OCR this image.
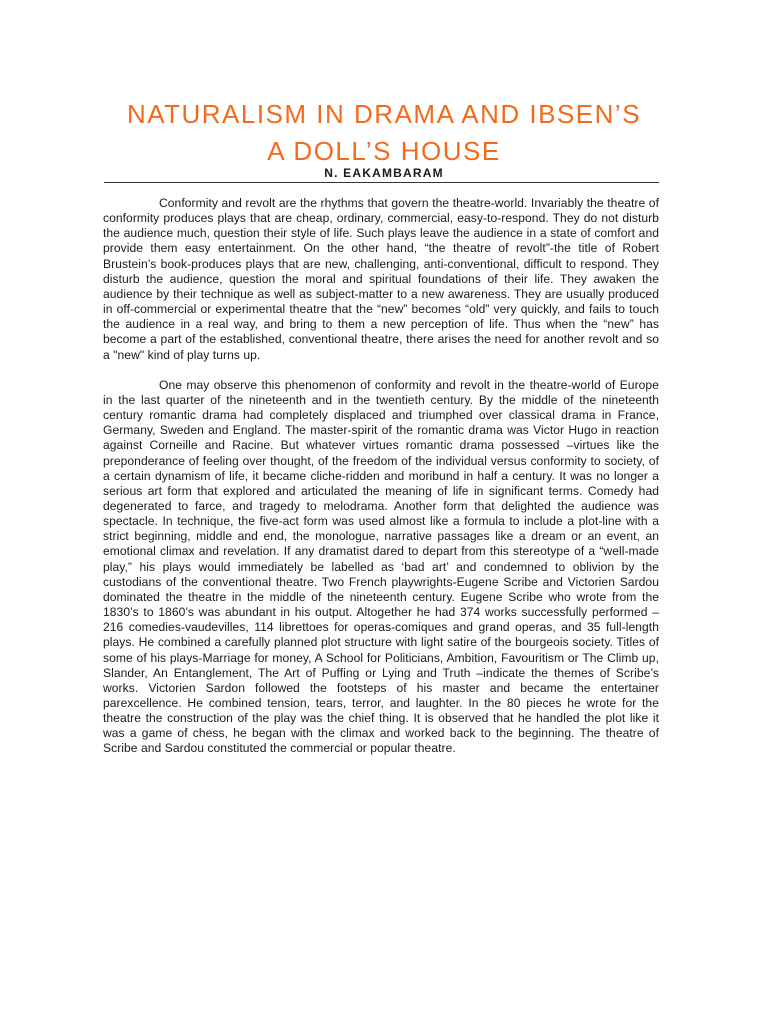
NATURALISM IN DRAMA AND IBSEN’S
A DOLL’S HOUSE
N. EAKAMBARAM

Conformity and revolt are the rhythms that govern the theatre-world. Invariably the theatre of conformity produces plays that are cheap, ordinary, commercial, easy-to-respond. They do not disturb the audience much, question their style of life. Such plays leave the audience in a state of comfort and provide them easy entertainment. On the other hand, “the theatre of revolt”-the title of Robert Brustein’s book-produces plays that are new, challenging, anti-conventional, difficult to respond. They disturb the audience, question the moral and spiritual foundations of their life. They awaken the audience by their technique as well as subject-matter to a new awareness. They are usually produced in off-commercial or experimental theatre that the “new” becomes “old” very quickly, and fails to touch the audience in a real way, and bring to them a new perception of life. Thus when the “new” has become a part of the established, conventional theatre, there arises the need for another revolt and so a "new" kind of play turns up.

One may observe this phenomenon of conformity and revolt in the theatre-world of Europe in the last quarter of the nineteenth and in the twentieth century. By the middle of the nineteenth century romantic drama had completely displaced and triumphed over classical drama in France, Germany, Sweden and England. The master-spirit of the romantic drama was Victor Hugo in reaction against Corneille and Racine. But whatever virtues romantic drama possessed –virtues like the preponderance of feeling over thought, of the freedom of the individual versus conformity to society, of a certain dynamism of life, it became cliche-ridden and moribund in half a century. It was no longer a serious art form that explored and articulated the meaning of life in significant terms. Comedy had degenerated to farce, and tragedy to melodrama. Another form that delighted the audience was spectacle. In technique, the five-act form was used almost like a formula to include a plot-line with a strict beginning, middle and end, the monologue, narrative passages like a dream or an event, an emotional climax and revelation. If any dramatist dared to depart from this stereotype of a “well-made play,” his plays would immediately be labelled as ‘bad art’ and condemned to oblivion by the custodians of the conventional theatre. Two French playwrights-Eugene Scribe and Victorien Sardou dominated the theatre in the middle of the nineteenth century. Eugene Scribe who wrote from the 1830’s to 1860’s was abundant in his output. Altogether he had 374 works successfully performed –216 comedies-vaudevilles, 114 librettoes for operas-comiques and grand operas, and 35 full-length plays. He combined a carefully planned plot structure with light satire of the bourgeois society. Titles of some of his plays-Marriage for money, A School for Politicians, Ambition, Favouritism or The Climb up, Slander, An Entanglement, The Art of Puffing or Lying and Truth –indicate the themes of Scribe’s works. Victorien Sardon followed the footsteps of his master and became the entertainer parexcellence. He combined tension, tears, terror, and laughter. In the 80 pieces he wrote for the theatre the construction of the play was the chief thing. It is observed that he handled the plot like it was a game of chess, he began with the climax and worked back to the beginning. The theatre of Scribe and Sardou constituted the commercial or popular theatre.
